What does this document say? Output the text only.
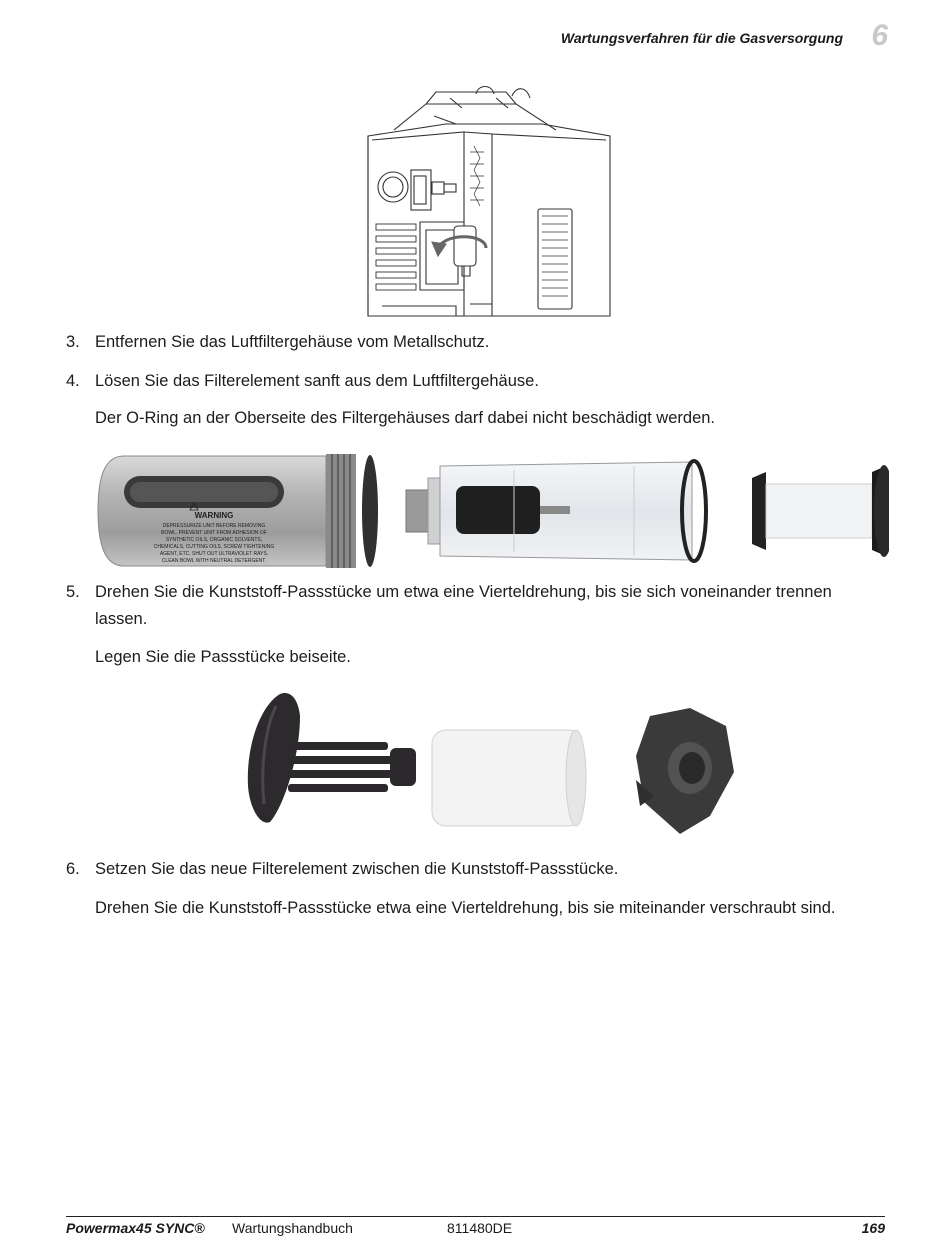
Wartungsverfahren für die Gasversorgung 6
3. Entfernen Sie das Luftfiltergehäuse vom Metallschutz.
4. Lösen Sie das Filterelement sanft aus dem Luftfiltergehäuse.
Der O-Ring an der Oberseite des Filtergehäuses darf dabei nicht beschädigt werden.
WARNING
DEPRESSURIZE UNIT BEFORE REMOVING
BOWL. PREVENT UNIT FROM ADHESION OF
SYNTHETIC OILS, ORGANIC SOLVENTS,
CHEMICALS, CUTTING OILS, SCREW TIGHTENING
AGENT, ETC. SHUT OUT ULTRAVIOLET RAYS.
CLEAN BOWL WITH NEUTRAL DETERGENT.
5. Drehen Sie die Kunststoff-Passstücke um etwa eine Vierteldrehung, bis sie sich voneinander trennen lassen.
Legen Sie die Passstücke beiseite.
6. Setzen Sie das neue Filterelement zwischen die Kunststoff-Passstücke.
Drehen Sie die Kunststoff-Passstücke etwa eine Vierteldrehung, bis sie miteinander verschraubt sind.
Powermax45 SYNC® Wartungshandbuch	811480DE	169
